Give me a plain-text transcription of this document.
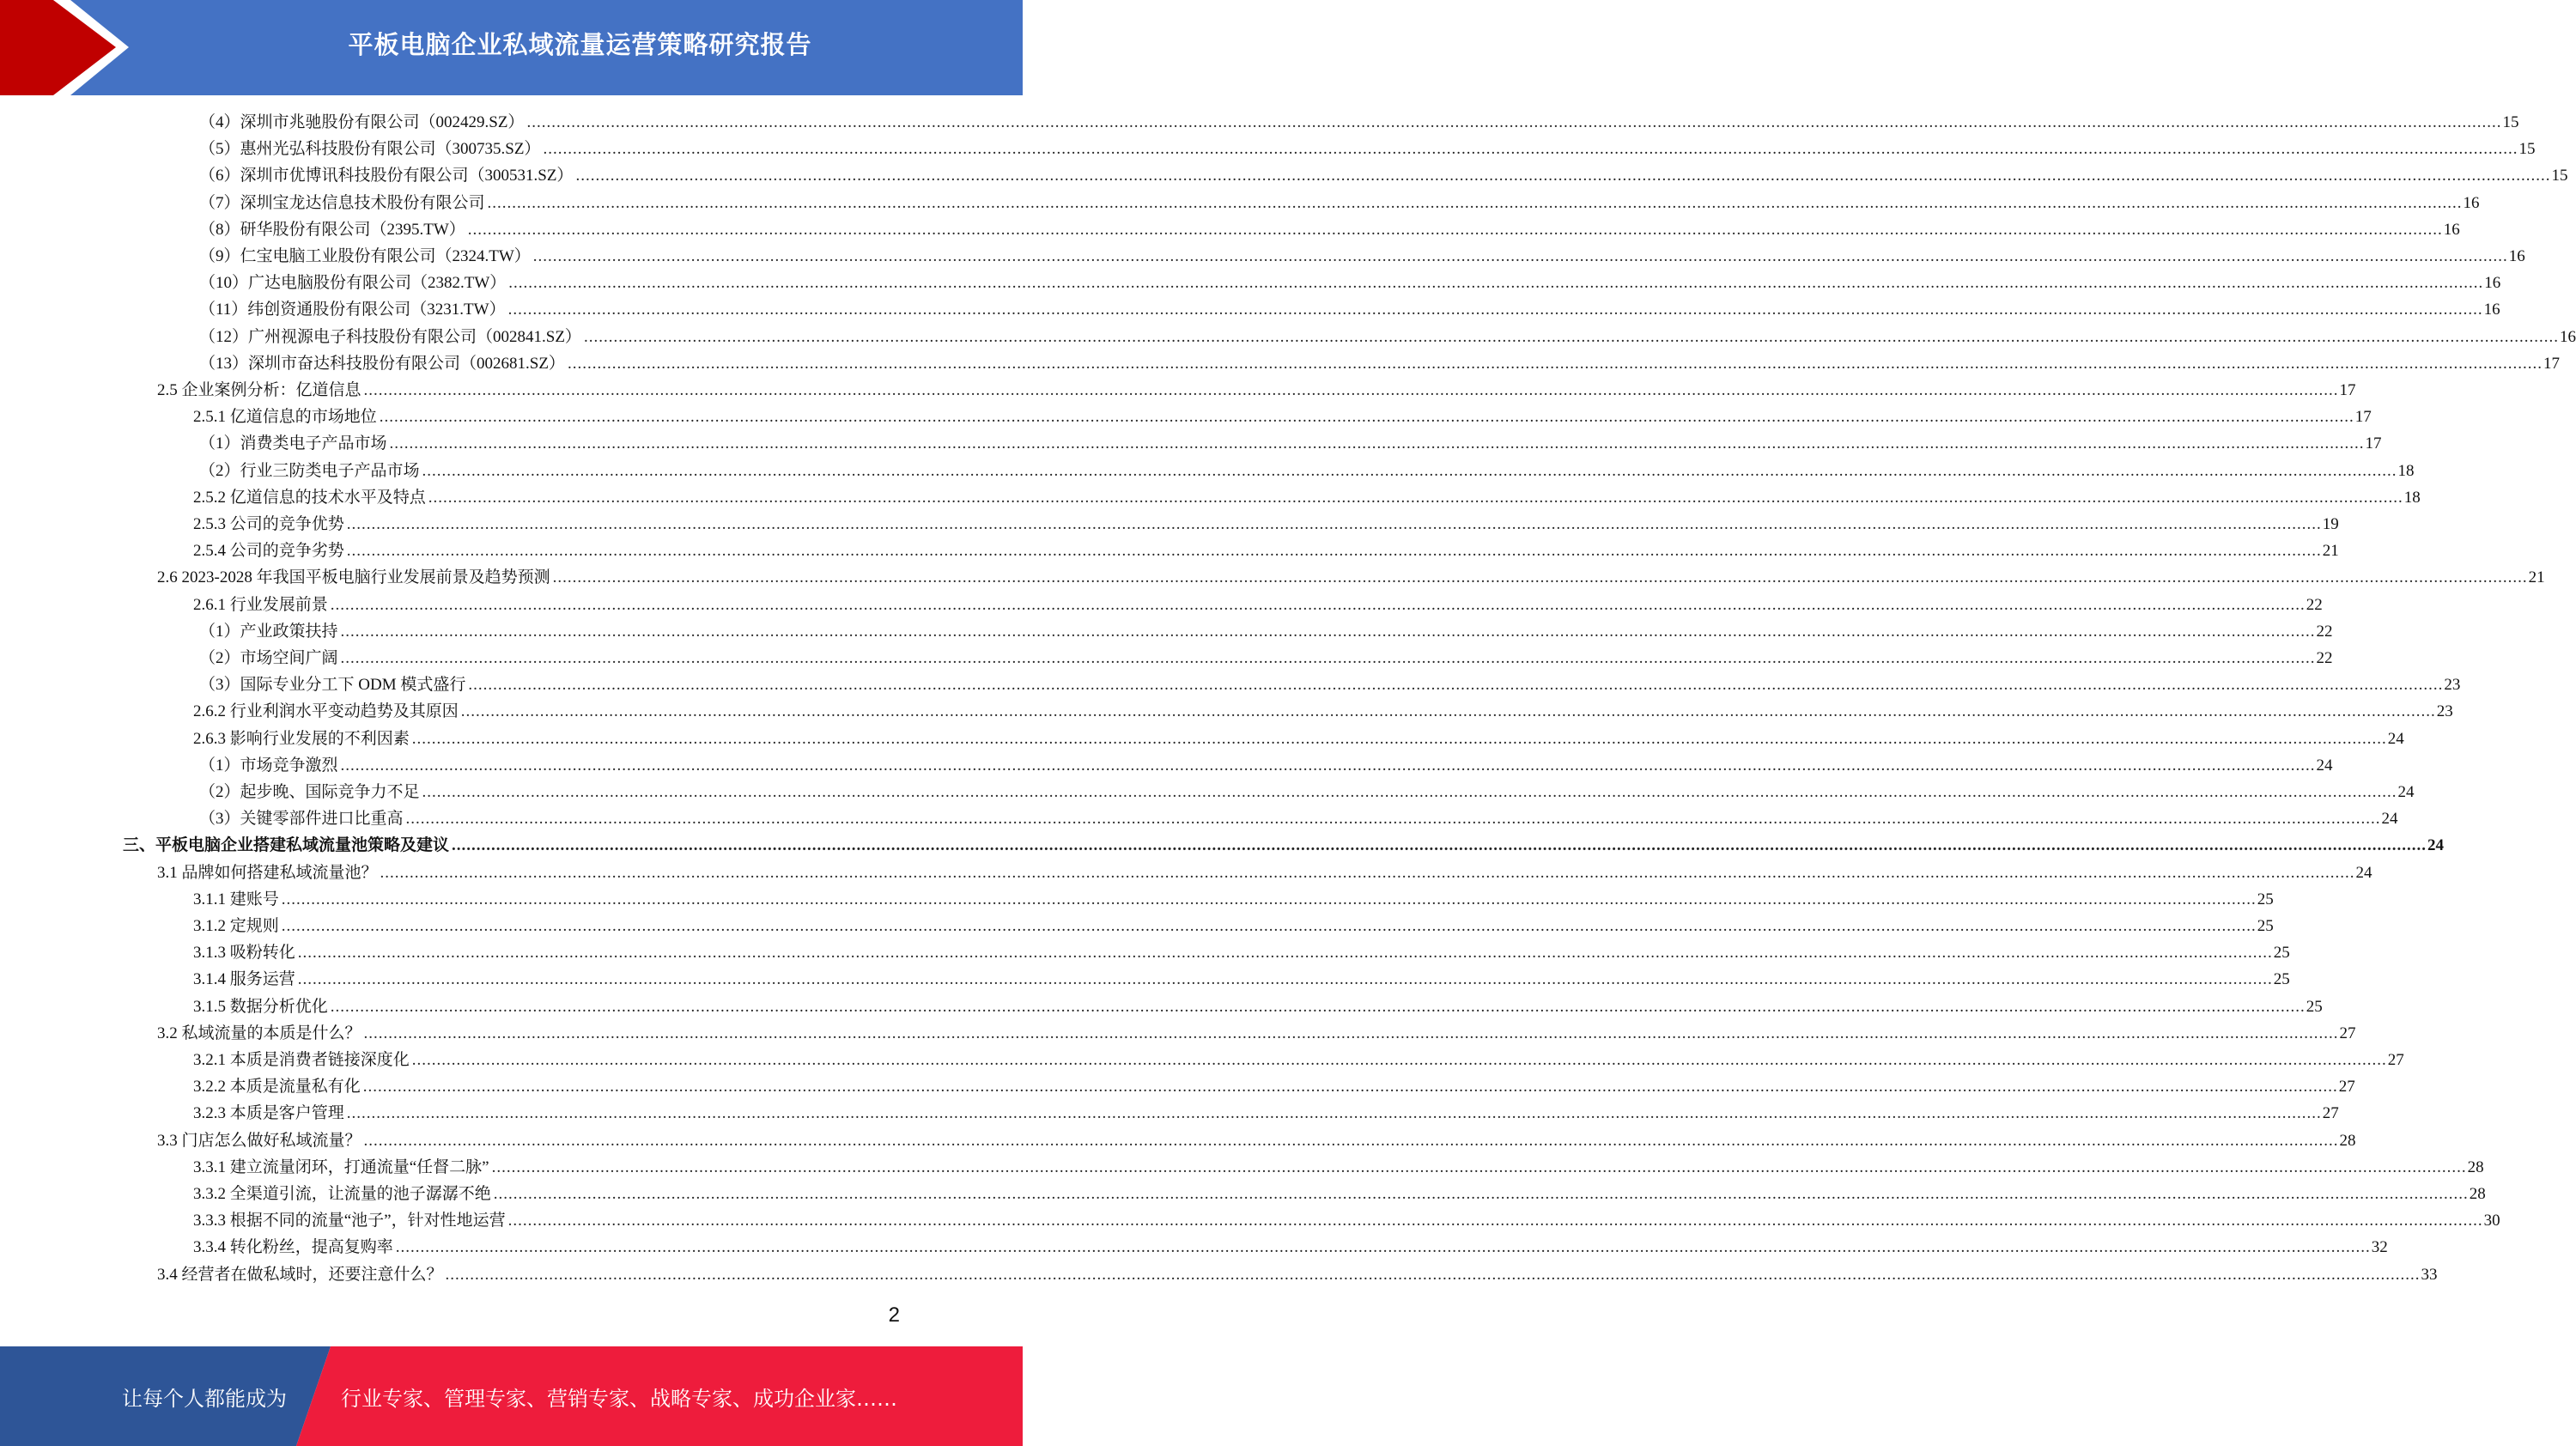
平板电脑企业私域流量运营策略研究报告
（4）深圳市兆驰股份有限公司（002429.SZ） ................................................................................................................................................................................................................................................................................................................................................................................................................ 15
（5）惠州光弘科技股份有限公司（300735.SZ） ................................................................................................................................................................................................................................................................................................................................................................................................................ 15
（6）深圳市优博讯科技股份有限公司（300531.SZ） ................................................................................................................................................................................................................................................................................................................................................................................................................ 15
（7）深圳宝龙达信息技术股份有限公司 ................................................................................................................................................................................................................................................................................................................................................................................................................ 16
（8）研华股份有限公司（2395.TW） ................................................................................................................................................................................................................................................................................................................................................................................................................ 16
（9）仁宝电脑工业股份有限公司（2324.TW） ................................................................................................................................................................................................................................................................................................................................................................................................................ 16
（10）广达电脑股份有限公司（2382.TW） ................................................................................................................................................................................................................................................................................................................................................................................................................ 16
（11）纬创资通股份有限公司（3231.TW） ................................................................................................................................................................................................................................................................................................................................................................................................................ 16
（12）广州视源电子科技股份有限公司（002841.SZ） ................................................................................................................................................................................................................................................................................................................................................................................................................ 16
（13）深圳市奋达科技股份有限公司（002681.SZ） ................................................................................................................................................................................................................................................................................................................................................................................................................ 17
2.5 企业案例分析：亿道信息 ................................................................................................................................................................................................................................................................................................................................................................................................................ 17
2.5.1 亿道信息的市场地位 ................................................................................................................................................................................................................................................................................................................................................................................................................ 17
（1）消费类电子产品市场 ................................................................................................................................................................................................................................................................................................................................................................................................................ 17
（2）行业三防类电子产品市场 ................................................................................................................................................................................................................................................................................................................................................................................................................ 18
2.5.2 亿道信息的技术水平及特点 ................................................................................................................................................................................................................................................................................................................................................................................................................ 18
2.5.3 公司的竞争优势 ................................................................................................................................................................................................................................................................................................................................................................................................................ 19
2.5.4 公司的竞争劣势 ................................................................................................................................................................................................................................................................................................................................................................................................................ 21
2.6 2023-2028 年我国平板电脑行业发展前景及趋势预测 ................................................................................................................................................................................................................................................................................................................................................................................................................ 21
2.6.1 行业发展前景 ................................................................................................................................................................................................................................................................................................................................................................................................................ 22
（1）产业政策扶持 ................................................................................................................................................................................................................................................................................................................................................................................................................ 22
（2）市场空间广阔 ................................................................................................................................................................................................................................................................................................................................................................................................................ 22
（3）国际专业分工下 ODM 模式盛行 ................................................................................................................................................................................................................................................................................................................................................................................................................ 23
2.6.2 行业利润水平变动趋势及其原因 ................................................................................................................................................................................................................................................................................................................................................................................................................ 23
2.6.3 影响行业发展的不利因素 ................................................................................................................................................................................................................................................................................................................................................................................................................ 24
（1）市场竞争激烈 ................................................................................................................................................................................................................................................................................................................................................................................................................ 24
（2）起步晚、国际竞争力不足 ................................................................................................................................................................................................................................................................................................................................................................................................................ 24
（3）关键零部件进口比重高 ................................................................................................................................................................................................................................................................................................................................................................................................................ 24
三、平板电脑企业搭建私域流量池策略及建议 ................................................................................................................................................................................................................................................................................................................................................................................................................ 24
3.1 品牌如何搭建私域流量池？ ................................................................................................................................................................................................................................................................................................................................................................................................................ 24
3.1.1 建账号 ................................................................................................................................................................................................................................................................................................................................................................................................................ 25
3.1.2 定规则 ................................................................................................................................................................................................................................................................................................................................................................................................................ 25
3.1.3 吸粉转化 ................................................................................................................................................................................................................................................................................................................................................................................................................ 25
3.1.4 服务运营 ................................................................................................................................................................................................................................................................................................................................................................................................................ 25
3.1.5 数据分析优化 ................................................................................................................................................................................................................................................................................................................................................................................................................ 25
3.2 私域流量的本质是什么？ ................................................................................................................................................................................................................................................................................................................................................................................................................ 27
3.2.1 本质是消费者链接深度化 ................................................................................................................................................................................................................................................................................................................................................................................................................ 27
3.2.2 本质是流量私有化 ................................................................................................................................................................................................................................................................................................................................................................................................................ 27
3.2.3 本质是客户管理 ................................................................................................................................................................................................................................................................................................................................................................................................................ 27
3.3 门店怎么做好私域流量？ ................................................................................................................................................................................................................................................................................................................................................................................................................ 28
3.3.1 建立流量闭环，打通流量“任督二脉” ................................................................................................................................................................................................................................................................................................................................................................................................................ 28
3.3.2 全渠道引流，让流量的池子潺潺不绝 ................................................................................................................................................................................................................................................................................................................................................................................................................ 28
3.3.3 根据不同的流量“池子”，针对性地运营 ................................................................................................................................................................................................................................................................................................................................................................................................................ 30
3.3.4 转化粉丝，提高复购率 ................................................................................................................................................................................................................................................................................................................................................................................................................ 32
3.4 经营者在做私域时，还要注意什么？ ................................................................................................................................................................................................................................................................................................................................................................................................................ 33
2
让每个人都能成为	行业专家、管理专家、营销专家、战略专家、成功企业家……
